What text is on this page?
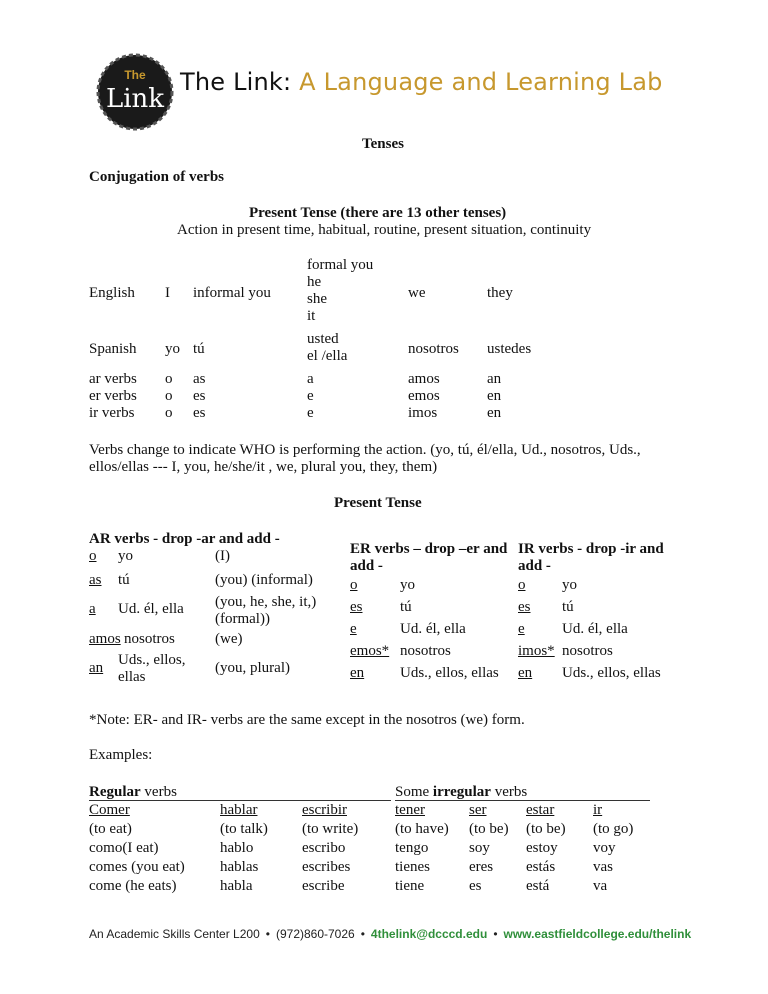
The
Link
The Link: A Language and Learning Lab
Tenses
Conjugation of verbs
Present Tense (there are 13 other tenses)
Action in present time, habitual, routine, present situation, continuity
English I informal you
formal you
he
she
it
we	they
Spanish yo tú
usted
el /ella	nosotros ustedes
ar verbs
er verbs
ir verbs
o
o
o
as
es
es
a
e
e
amos
emos
imos
an
en
en
Verbs change to indicate WHO is performing the action. (yo, tú, él/ella, Ud., nosotros, Uds.,
ellos/ellas --- I, you, he/she/it , we, plural you, they, them)
Present Tense
AR verbs - drop -ar and add -
o
as
a
amos
an
yo
tú
Ud. él, ella
nosotros
Uds., ellos,
ellas
(I)
(you) (informal)
(you, he, she, it,)
(formal))
(we)
(you, plural)
ER verbs – drop –er and
add -
o
es
e
emos*
en
yo
tú
Ud. él, ella
nosotros
Uds., ellos, ellas
IR verbs - drop -ir and
add -
o
es
e
imos*
en
yo
tú
Ud. él, ella
nosotros
Uds., ellos, ellas
*Note: ER- and IR- verbs are the same except in the nosotros (we) form.
Examples:
Regular verbs
Comer
(to eat)
como(I eat)
comes (you eat)
come (he eats)
hablar
(to talk)
hablo
hablas
habla
escribir
(to write)
escribo
escribes
escribe
Some irregular verbs
tener
(to have)
tengo
tienes
tiene
ser
(to be)
soy
eres
es
estar
(to be)
estoy
estás
está
ir
(to go)
voy
vas
va
An Academic Skills Center L200 • (972)860-7026 • 4thelink@dcccd.edu • www.eastfieldcollege.edu/thelink
